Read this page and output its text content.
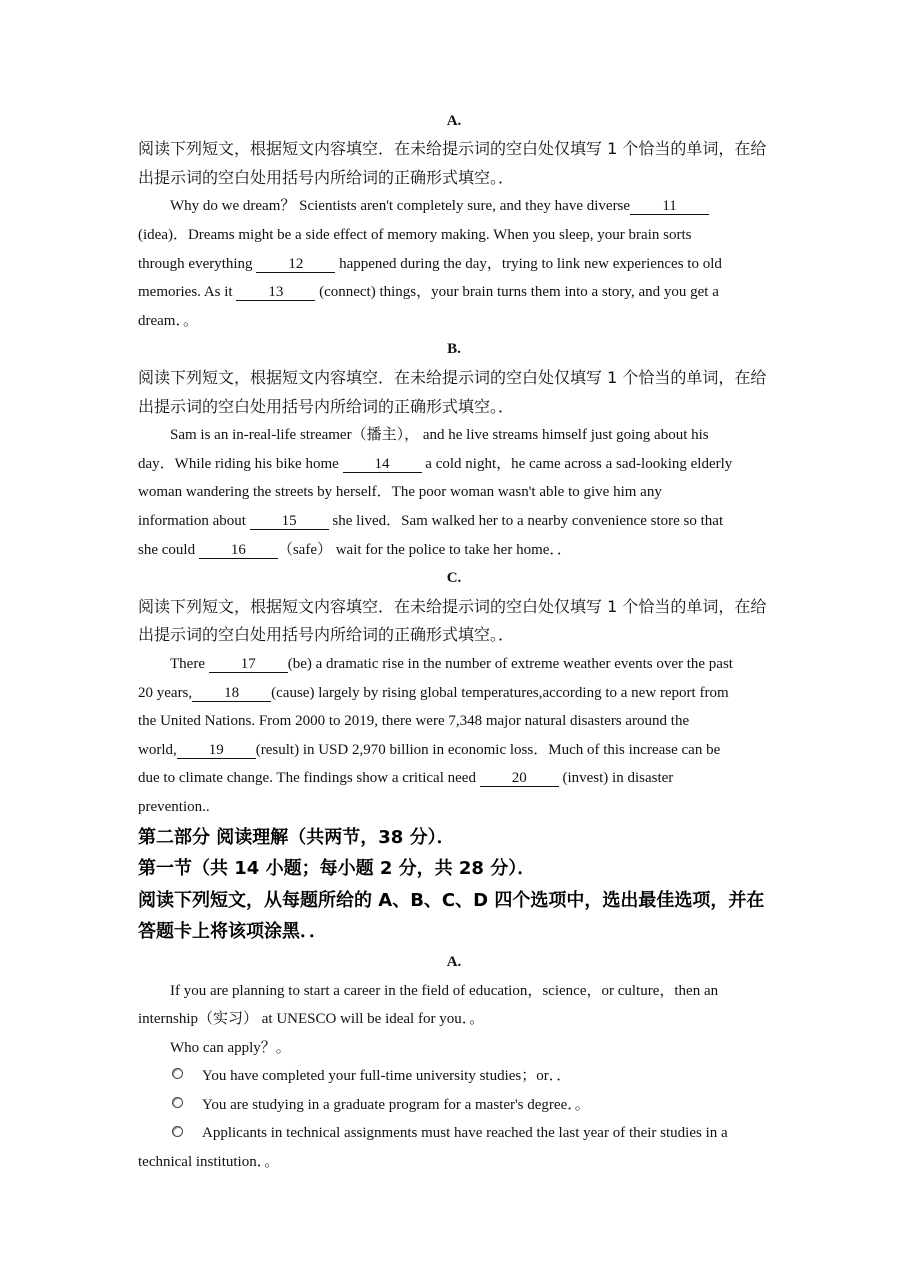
A.
阅读下列短文，根据短文内容填空．在未给提示词的空白处仅填写 1 个恰当的单词，在给
出提示词的空白处用括号内所给词的正确形式填空。．
Why do we dream？ Scientists aren't completely sure, and they have diverse 11
(idea)．Dreams might be a side effect of memory making. When you sleep, your brain sorts
through everything 12 happened during the day，trying to link new experiences to old
memories. As it 13 (connect) things，your brain turns them into a story, and you get a
dream．。
B.
阅读下列短文，根据短文内容填空．在未给提示词的空白处仅填写 1 个恰当的单词，在给
出提示词的空白处用括号内所给词的正确形式填空。．
Sam is an in-real-life streamer（播主）， and he live streams himself just going about his
day．While riding his bike home 14 a cold night，he came across a sad-looking elderly
woman wandering the streets by herself．The poor woman wasn't able to give him any
information about 15 she lived．Sam walked her to a nearby convenience store so that
she could 16 （safe） wait for the police to take her home．．
C.
阅读下列短文，根据短文内容填空．在未给提示词的空白处仅填写 1 个恰当的单词，在给
出提示词的空白处用括号内所给词的正确形式填空。．
There 17 (be) a dramatic rise in the number of extreme weather events over the past
20 years, 18 (cause) largely by rising global temperatures,according to a new report from
the United Nations. From 2000 to 2019, there were 7,348 major natural disasters around the
world, 19 (result) in USD 2,970 billion in economic loss．Much of this increase can be
due to climate change. The findings show a critical need 20 (invest) in disaster
prevention..
第二部分 阅读理解（共两节，38 分）．
第一节（共 14 小题；每小题 2 分，共 28 分）．
阅读下列短文，从每题所给的 A、B、C、D 四个选项中，选出最佳选项，并在
答题卡上将该项涂黑．．
A.
If you are planning to start a career in the field of education，science，or culture，then an
internship（实习） at UNESCO will be ideal for you．。
Who can apply？。
You have completed your full-time university studies；or．．
You are studying in a graduate program for a master's degree．。
Applicants in technical assignments must have reached the last year of their studies in a
technical institution．。
